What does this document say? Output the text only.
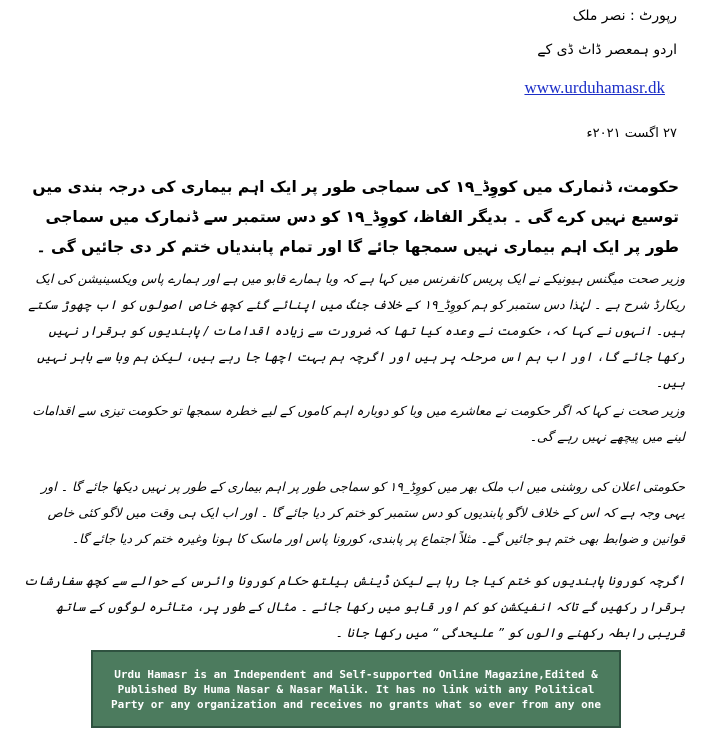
رپورٹ : نصر ملک
اردو ہمعصر ڈاٹ ڈی کے
www.urduhamasr.dk
۲۷ اگست ۲۰۲۱ء
حکومت، ڈنمارک میں کووِڈ_۱۹ کی سماجی طور پر ایک اہم بیماری کی درجہ بندی میں توسیع نہیں کرے گی ۔ بدیگر الفاظ، کووِڈ_۱۹ کو دس ستمبر سے ڈنمارک میں سماجی طور پر ایک اہم بیماری نہیں سمجھا جائے گا اور تمام پابندیاں ختم کر دی جائیں گی ۔
وزیر صحت میگنس ہیونیکے نے ایک پریس کانفرنس میں کہا ہے کہ وبا ہمارے قابو میں ہے اور ہمارے پاس ویکسینیشن کی ایک ریکارڈ شرح ہے ۔ لہٰذا دس ستمبر کو ہم کووِڈ_۱۹ کے خلاف جنگ میں اپنائے گئے کچھ خاص اصولوں کو اب چھوڑ سکتے ہیں۔ انہوں نے کہا کہ، حکومت نے وعدہ کیا تھا کہ ضرورت سے زیادہ اقدامات / پابندیوں کو برقرار نہیں رکھا جائے گا، اور اب ہم اس مرحلہ پر ہیں اور اگرچہ ہم بہت اچھا جا رہے ہیں، لیکن ہم وبا سے باہر نہیں ہیں۔
وزیر صحت نے کہا کہ اگر حکومت نے معاشرے میں وبا کو دوبارہ اہم کاموں کے لیے خطرہ سمجھا تو حکومت تیزی سے اقدامات لینے میں پیچھے نہیں رہے گی۔
حکومتی اعلان کی روشنی میں اب ملک بھر میں کووِڈ_۱۹ کو سماجی طور پر اہم بیماری کے طور پر نہیں دیکھا جائے گا ۔ اور یہی وجہ ہے کہ اس کے خلاف لاگو پابندیوں کو دس ستمبر کو ختم کر دیا جائے گا ۔ اور اب ایک ہی وقت میں لاگو کئی خاص قوانین و ضوابط بھی ختم ہو جائیں گے۔ مثلاً اجتماع پر پابندی، کورونا پاس اور ماسک کا ہونا وغیرہ ختم کر دیا جائے گا۔
اگرچہ کورونا پابندیوں کو ختم کیا جا رہا ہے لیکن ڈینش ہیلتھ حکام کورونا وائرس کے حوالے سے کچھ سفارشات برقرار رکھیں گے تاکہ انفیکشن کو کم اور قابو میں رکھا جائے ۔ مثال کے طور پر، متاثرہ لوگوں کے ساتھ قریبی رابطہ رکھنے والوں کو ” علیحدگی “ میں رکھا جانا ۔
Urdu Hamasr is an Independent and Self-supported Online Magazine,Edited & Published By Huma Nasar & Nasar Malik. It has no link with any Political Party or any organization and receives no grants what so ever from any one
